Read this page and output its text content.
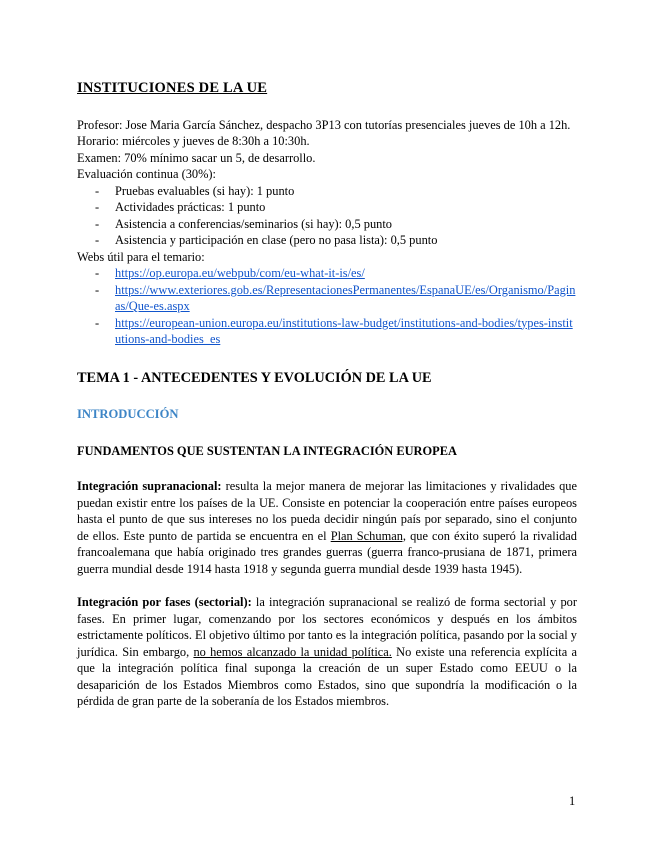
INSTITUCIONES DE LA UE

Profesor: Jose Maria García Sánchez, despacho 3P13 con tutorías presenciales jueves de 10h a 12h.

Horario: miércoles y jueves de 8:30h a 10:30h.

Examen: 70% mínimo sacar un 5, de desarrollo.

Evaluación continua (30%):

- Pruebas evaluables (si hay): 1 punto
- Actividades prácticas: 1 punto
- Asistencia a conferencias/seminarios (si hay): 0,5 punto
- Asistencia y participación en clase (pero no pasa lista): 0,5 punto

Webs útil para el temario:

- https://op.europa.eu/webpub/com/eu-what-it-is/es/
- https://www.exteriores.gob.es/RepresentacionesPermanentes/EspanaUE/es/Organismo/Paginas/Que-es.aspx
- https://european-union.europa.eu/institutions-law-budget/institutions-and-bodies/types-institutions-and-bodies_es
TEMA 1 - ANTECEDENTES Y EVOLUCIÓN DE LA UE
INTRODUCCIÓN
FUNDAMENTOS QUE SUSTENTAN LA INTEGRACIÓN EUROPEA

Integración supranacional: resulta la mejor manera de mejorar las limitaciones y rivalidades que puedan existir entre los países de la UE. Consiste en potenciar la cooperación entre países europeos hasta el punto de que sus intereses no los pueda decidir ningún país por separado, sino el conjunto de ellos. Este punto de partida se encuentra en el Plan Schuman, que con éxito superó la rivalidad francoalemana que había originado tres grandes guerras (guerra franco-prusiana de 1871, primera guerra mundial desde 1914 hasta 1918 y segunda guerra mundial desde 1939 hasta 1945).

Integración por fases (sectorial): la integración supranacional se realizó de forma sectorial y por fases. En primer lugar, comenzando por los sectores económicos y después en los ámbitos estrictamente políticos. El objetivo último por tanto es la integración política, pasando por la social y jurídica. Sin embargo, no hemos alcanzado la unidad política. No existe una referencia explícita a que la integración política final suponga la creación de un super Estado como EEUU o la desaparición de los Estados Miembros como Estados, sino que supondría la modificación o la pérdida de gran parte de la soberanía de los Estados miembros.

1
